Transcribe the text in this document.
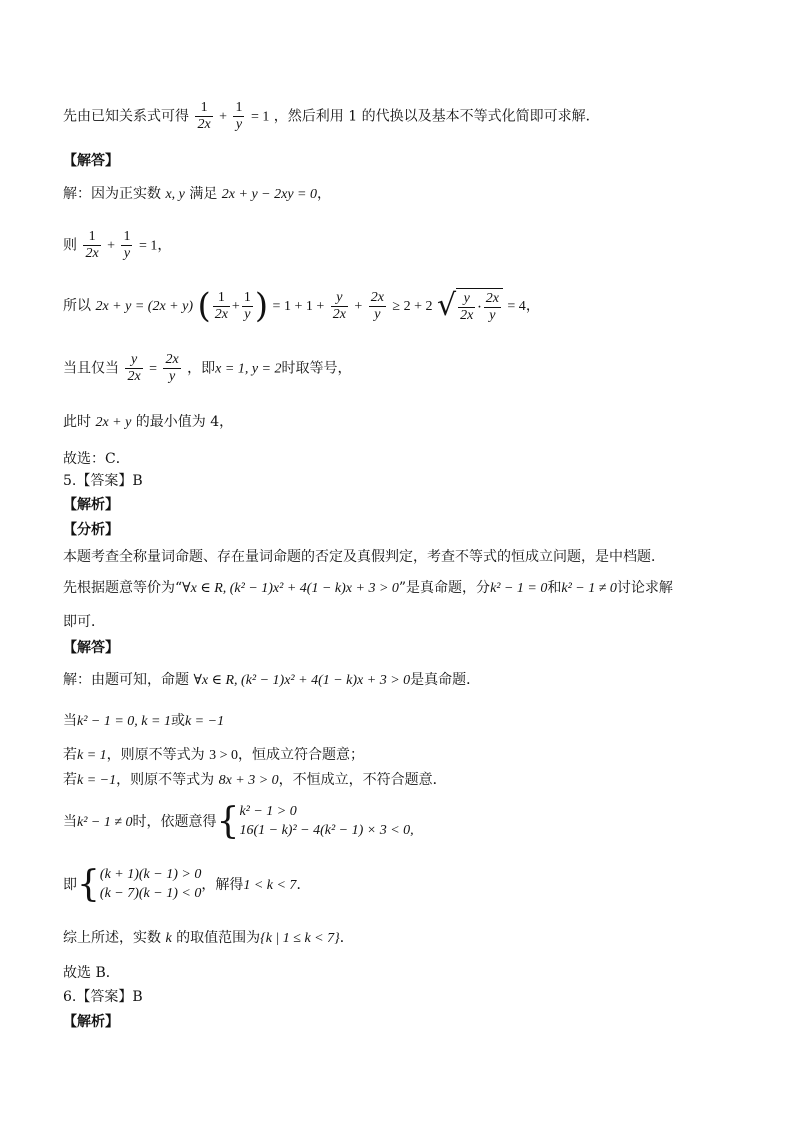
先由已知关系式可得 $\frac{1}{2x} + \frac{1}{y} = 1$ ，然后利用 1 的代换以及基本不等式化简即可求解．
【解答】
解：因为正实数 x, y 满足 2x + y − 2xy = 0，
则 $\frac{1}{2x} + \frac{1}{y} = 1$，
所以 2x + y = (2x + y) ( $\frac{1}{2x} + \frac{1}{y}$ ) = $1 + 1 + \frac{y}{2x} + \frac{2x}{y} \ge 2 + 2$ √ $\frac{y}{2x} \cdot \frac{2x}{y} = 4$，
当且仅当 $\frac{y}{2x} = \frac{2x}{y}$ ，即x = 1, y = 2时取等号，
此时 2x + y 的最小值为 4，
故选：C．
5.【答案】B
【解析】
【分析】
本题考查全称量词命题、存在量词命题的否定及真假判定，考查不等式的恒成立问题，是中档题．
先根据题意等价为“∀x ∈ R, (k² − 1)x² + 4(1 − k)x + 3 > 0”是真命题，分k² − 1 = 0和k² − 1 ≠ 0讨论求解
即可．
【解答】
解：由题可知，命题 ∀x ∈ R, (k² − 1)x² + 4(1 − k)x + 3 > 0是真命题．
当k² − 1 = 0, k = 1或k = −1
若k = 1，则原不等式为 3 > 0，恒成立符合题意；
若k = −1，则原不等式为 8x + 3 > 0，不恒成立，不符合题意．
当k² − 1 ≠ 0时，依题意得{ k² − 1 > 0
16(1 − k)² − 4(k² − 1) × 3 < 0,
即{ (k + 1)(k − 1) > 0
(k − 7)(k − 1) < 0
，解得1 < k < 7．
综上所述，实数 k 的取值范围为{k | 1 ≤ k < 7}．
故选 B．
6.【答案】B
【解析】
